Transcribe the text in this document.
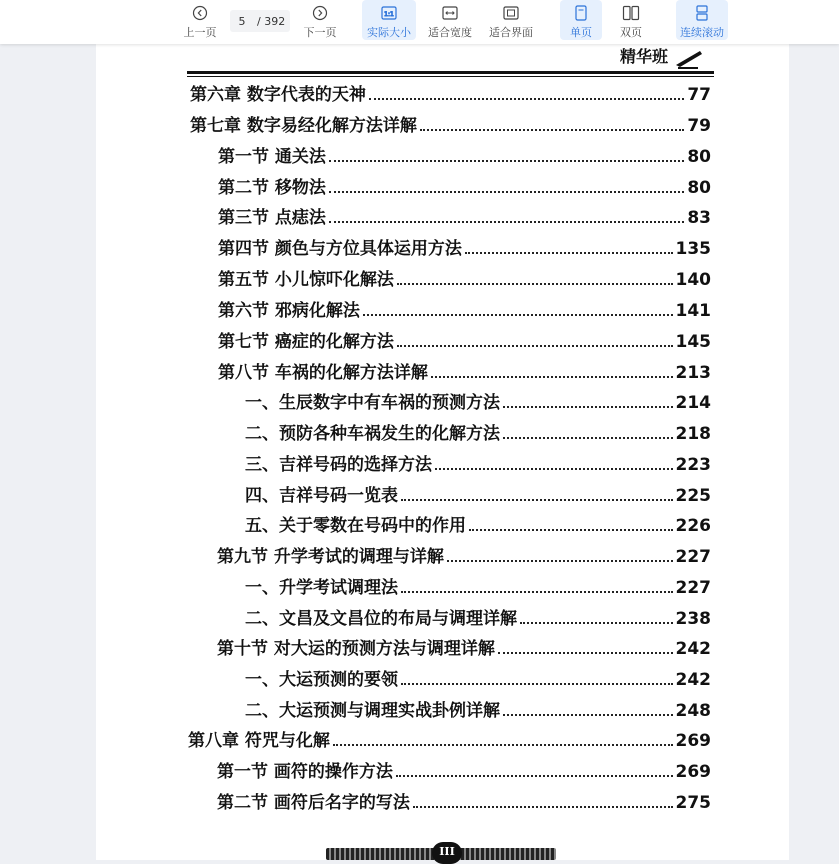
上一页
5
/ 392
下一页
1:1
实际大小 适合宽度 适合界面	单页	双页	连续滚动
精华班
第六章 数字代表的天神	77
第七章 数字易经化解方法详解	79
第一节 通关法	80
第二节 移物法	80
第三节 点痣法	83
第四节 颜色与方位具体运用方法	135
第五节 小儿惊吓化解法	140
第六节 邪病化解法	141
第七节 癌症的化解方法	145
第八节 车祸的化解方法详解	213
一、生辰数字中有车祸的预测方法	214
二、预防各种车祸发生的化解方法	218
三、吉祥号码的选择方法	223
四、吉祥号码一览表	225
五、关于零数在号码中的作用	226
第九节 升学考试的调理与详解	227
一、升学考试调理法	227
二、文昌及文昌位的布局与调理详解	238
第十节 对大运的预测方法与调理详解	242
一、大运预测的要领	242
二、大运预测与调理实战卦例详解	248
第八章 符咒与化解	269
第一节 画符的操作方法	269
第二节 画符后名字的写法	275
III
